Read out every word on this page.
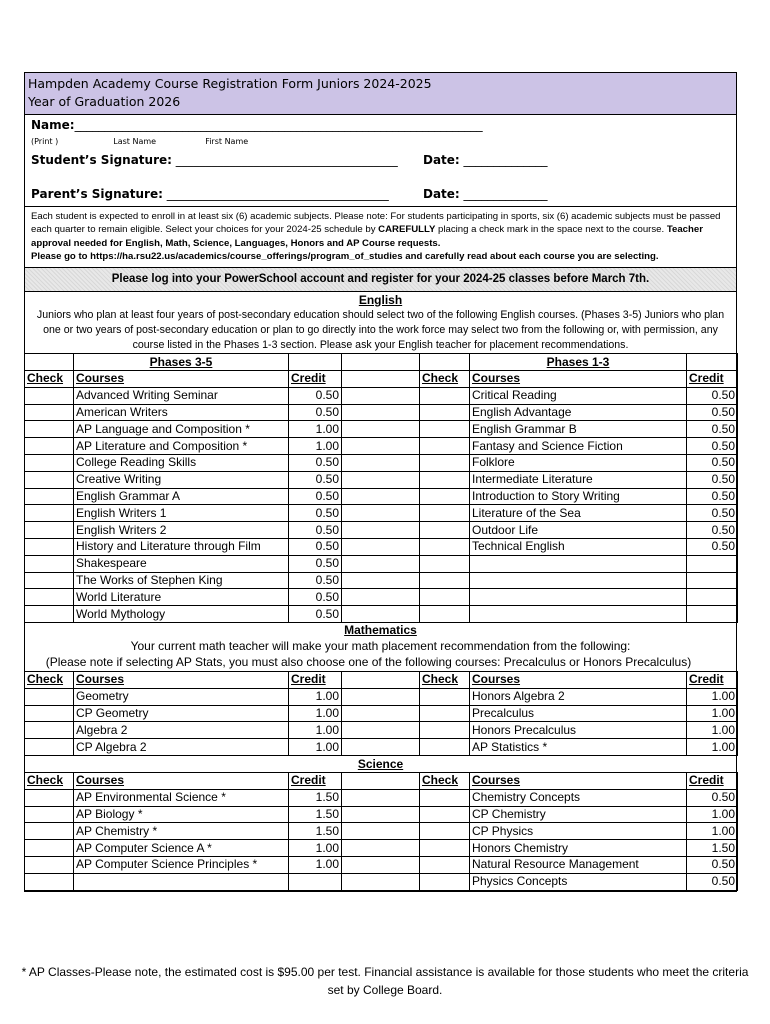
Hampden Academy Course Registration Form Juniors 2024-2025
Year of Graduation 2026
Name:____________________________________________________________________
(Print )	Last Name	First Name
Student’s Signature: _____________________________________ Date: ______________
Parent’s Signature: _____________________________________	Date: ______________
Each student is expected to enroll in at least six (6) academic subjects. Please note: For students participating in sports, six (6) academic subjects must be passed each quarter to remain eligible. Select your choices for your 2024-25 schedule by CAREFULLY placing a check mark in the space next to the course. Teacher approval needed for English, Math, Science, Languages, Honors and AP Course requests.
Please go to https://ha.rsu22.us/academics/course_offerings/program_of_studies and carefully read about each course you are selecting.
Please log into your PowerSchool account and register for your 2024-25 classes before March 7th.
English
Juniors who plan at least four years of post-secondary education should select two of the following English courses. (Phases 3-5) Juniors who plan one or two years of post-secondary education or plan to go directly into the work force may select two from the following or, with permission, any course listed in the Phases 1-3 section. Please ask your English teacher for placement recommendations.
	Phases 3-5				Phases 1-3	
Check	Courses	Credit		Check	Courses	Credit
	Advanced Writing Seminar	0.50			Critical Reading	0.50
	American Writers	0.50			English Advantage	0.50
	AP Language and Composition *	1.00			English Grammar B	0.50
	AP Literature and Composition *	1.00			Fantasy and Science Fiction	0.50
	College Reading Skills	0.50			Folklore	0.50
	Creative Writing	0.50			Intermediate Literature	0.50
	English Grammar A	0.50			Introduction to Story Writing	0.50
	English Writers 1	0.50			Literature of the Sea	0.50
	English Writers 2	0.50			Outdoor Life	0.50
	History and Literature through Film	0.50			Technical English	0.50
	Shakespeare	0.50				
	The Works of Stephen King	0.50				
	World Literature	0.50				
	World Mythology	0.50				
Mathematics
Your current math teacher will make your math placement recommendation from the following:
(Please note if selecting AP Stats, you must also choose one of the following courses: Precalculus or Honors Precalculus)
Check	Courses	Credit		Check	Courses	Credit
	Geometry	1.00			Honors Algebra 2	1.00
	CP Geometry	1.00			Precalculus	1.00
	Algebra 2	1.00			Honors Precalculus	1.00
	CP Algebra 2	1.00			AP Statistics *	1.00
Science
Check	Courses	Credit		Check	Courses	Credit
	AP Environmental Science *	1.50			Chemistry Concepts	0.50
	AP Biology *	1.50			CP Chemistry	1.00
	AP Chemistry *	1.50			CP Physics	1.00
	AP Computer Science A *	1.00			Honors Chemistry	1.50
	AP Computer Science Principles *	1.00			Natural Resource Management	0.50
					Physics Concepts	0.50
* AP Classes-Please note, the estimated cost is $95.00 per test. Financial assistance is available for those students who meet the criteria set by College Board.
